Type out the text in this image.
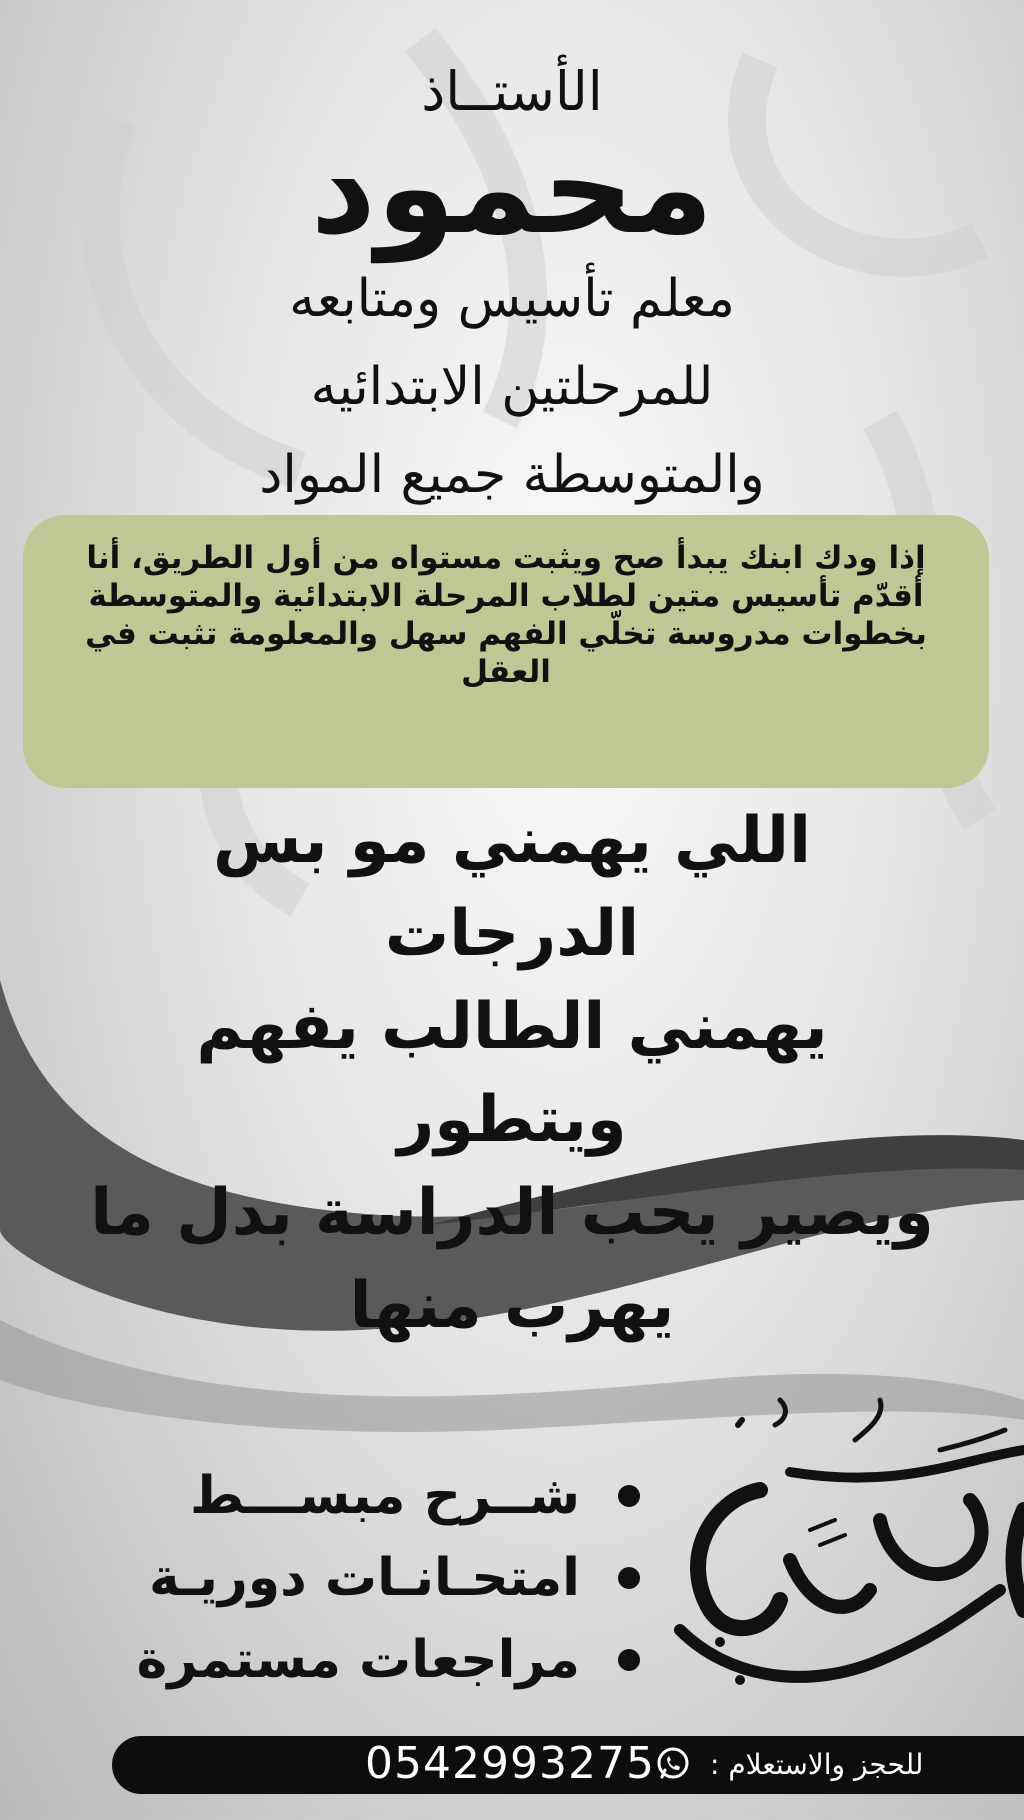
الأستــاذ
محمود
معلم تأسيس ومتابعه
للمرحلتين الابتدائيه
والمتوسطة جميع المواد
إذا ودك ابنك يبدأ صح ويثبت مستواه من أول الطريق، أنا أقدّم تأسيس متين لطلاب المرحلة الابتدائية والمتوسطة بخطوات مدروسة تخلّي الفهم سهل والمعلومة تثبت في العقل
اللي يهمني مو بس الدرجات
يهمني الطالب يفهم ويتطور
ويصير يحب الدراسة بدل ما
يهرب منها
شــرح مبســـط
امتحـانـات دوريـة
مراجعات مستمرة
0542993275 للحجز والاستعلام :
